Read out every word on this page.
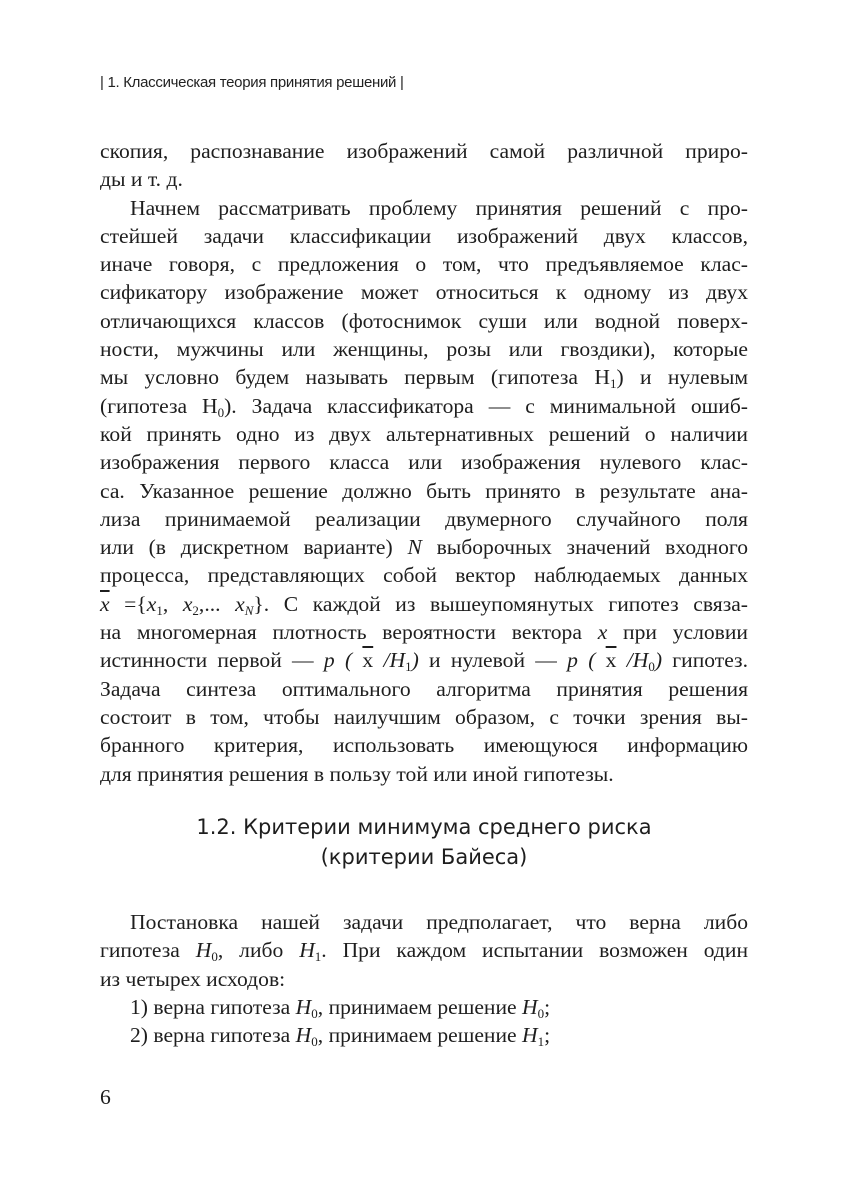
| 1. Классическая теория принятия решений |
скопия, распознавание изображений самой различной приро-
ды и т. д.
Начнем рассматривать проблему принятия решений с про-
стейшей задачи классификации изображений двух классов,
иначе говоря, с предложения о том, что предъявляемое клас-
сификатору изображение может относиться к одному из двух
отличающихся классов (фотоснимок суши или водной поверх-
ности, мужчины или женщины, розы или гвоздики), которые
мы условно будем называть первым (гипотеза $H_1$) и нулевым
(гипотеза $H_0$). Задача классификатора — с минимальной ошиб-
кой принять одно из двух альтернативных решений о наличии
изображения первого класса или изображения нулевого клас-
са. Указанное решение должно быть принято в результате ана-
лиза принимаемой реализации двумерного случайного поля
или (в дискретном варианте) N выборочных значений входного
процесса, представляющих собой вектор наблюдаемых данных
$\overline{x} =\{x_1$, $x_2$,... $x_N$}. С каждой из вышеупомянутых гипотез связа-
на многомерная плотность вероятности вектора x при условии
истинности первой — p ( $\overline{x}$ $/H_1$) и нулевой — p ( $\overline{x}$ $/H_0$) гипотез.
Задача синтеза оптимального алгоритма принятия решения
состоит в том, чтобы наилучшим образом, с точки зрения вы-
бранного критерия, использовать имеющуюся информацию
для принятия решения в пользу той или иной гипотезы.
1.2. Критерии минимума среднего риска
(критерии Байеса)
Постановка нашей задачи предполагает, что верна либо
гипотеза $H_0$, либо $H_1$. При каждом испытании возможен один
из четырех исходов:
1) верна гипотеза $H_0$, принимаем решение $H_0$;
2) верна гипотеза $H_0$, принимаем решение $H_1$;
6
